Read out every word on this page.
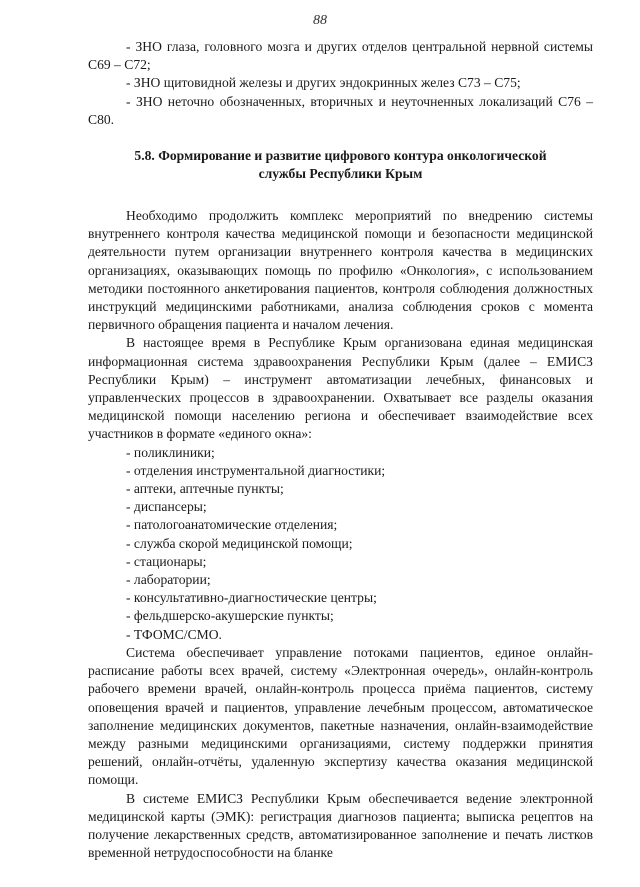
88

- ЗНО глаза, головного мозга и других отделов центральной нервной системы С69 – С72;

- ЗНО щитовидной железы и других эндокринных желез С73 – С75;

- ЗНО неточно обозначенных, вторичных и неуточненных локализаций С76 – С80.

5.8. Формирование и развитие цифрового контура онкологической службы Республики Крым

Необходимо продолжить комплекс мероприятий по внедрению системы внутреннего контроля качества медицинской помощи и безопасности медицинской деятельности путем организации внутреннего контроля качества в медицинских организациях, оказывающих помощь по профилю «Онкология», с использованием методики постоянного анкетирования пациентов, контроля соблюдения должностных инструкций медицинскими работниками, анализа соблюдения сроков с момента первичного обращения пациента и началом лечения.

В настоящее время в Республике Крым организована единая медицинская информационная система здравоохранения Республики Крым (далее – ЕМИСЗ Республики Крым) – инструмент автоматизации лечебных, финансовых и управленческих процессов в здравоохранении. Охватывает все разделы оказания медицинской помощи населению региона и обеспечивает взаимодействие всех участников в формате «единого окна»:

- поликлиники;
- отделения инструментальной диагностики;
- аптеки, аптечные пункты;
- диспансеры;
- патологоанатомические отделения;
- служба скорой медицинской помощи;
- стационары;
- лаборатории;
- консультативно-диагностические центры;
- фельдшерско-акушерские пункты;
- ТФОМС/СМО.

Система обеспечивает управление потоками пациентов, единое онлайн-расписание работы всех врачей, систему «Электронная очередь», онлайн-контроль рабочего времени врачей, онлайн-контроль процесса приёма пациентов, систему оповещения врачей и пациентов, управление лечебным процессом, автоматическое заполнение медицинских документов, пакетные назначения, онлайн-взаимодействие между разными медицинскими организациями, систему поддержки принятия решений, онлайн-отчёты, удаленную экспертизу качества оказания медицинской помощи.

В системе ЕМИСЗ Республики Крым обеспечивается ведение электронной медицинской карты (ЭМК): регистрация диагнозов пациента; выписка рецептов на получение лекарственных средств, автоматизированное заполнение и печать листков временной нетрудоспособности на бланке
